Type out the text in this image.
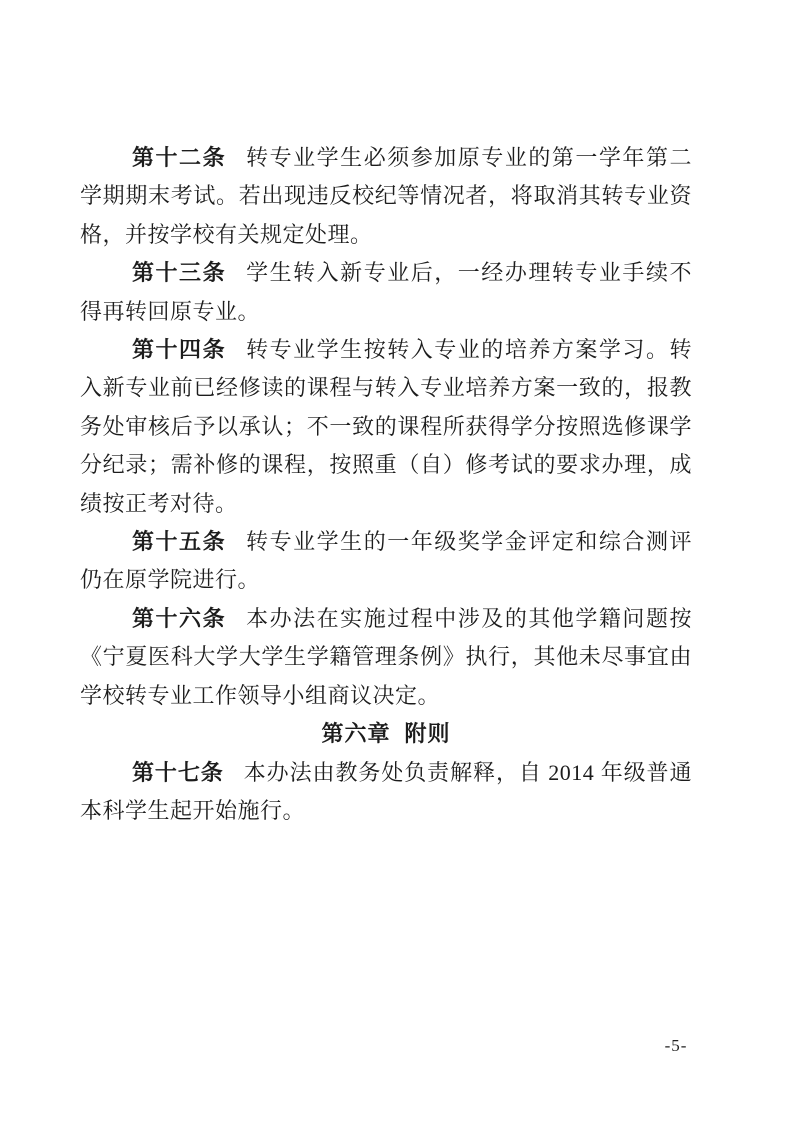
第十二条 转专业学生必须参加原专业的第一学年第二学期期末考试。若出现违反校纪等情况者，将取消其转专业资格，并按学校有关规定处理。

第十三条 学生转入新专业后，一经办理转专业手续不得再转回原专业。

第十四条 转专业学生按转入专业的培养方案学习。转入新专业前已经修读的课程与转入专业培养方案一致的，报教务处审核后予以承认；不一致的课程所获得学分按照选修课学分纪录；需补修的课程，按照重（自）修考试的要求办理，成绩按正考对待。

第十五条 转专业学生的一年级奖学金评定和综合测评仍在原学院进行。

第十六条 本办法在实施过程中涉及的其他学籍问题按《宁夏医科大学大学生学籍管理条例》执行，其他未尽事宜由学校转专业工作领导小组商议决定。

第六章 附则

第十七条 本办法由教务处负责解释，自 2014 年级普通本科学生起开始施行。

-5-
